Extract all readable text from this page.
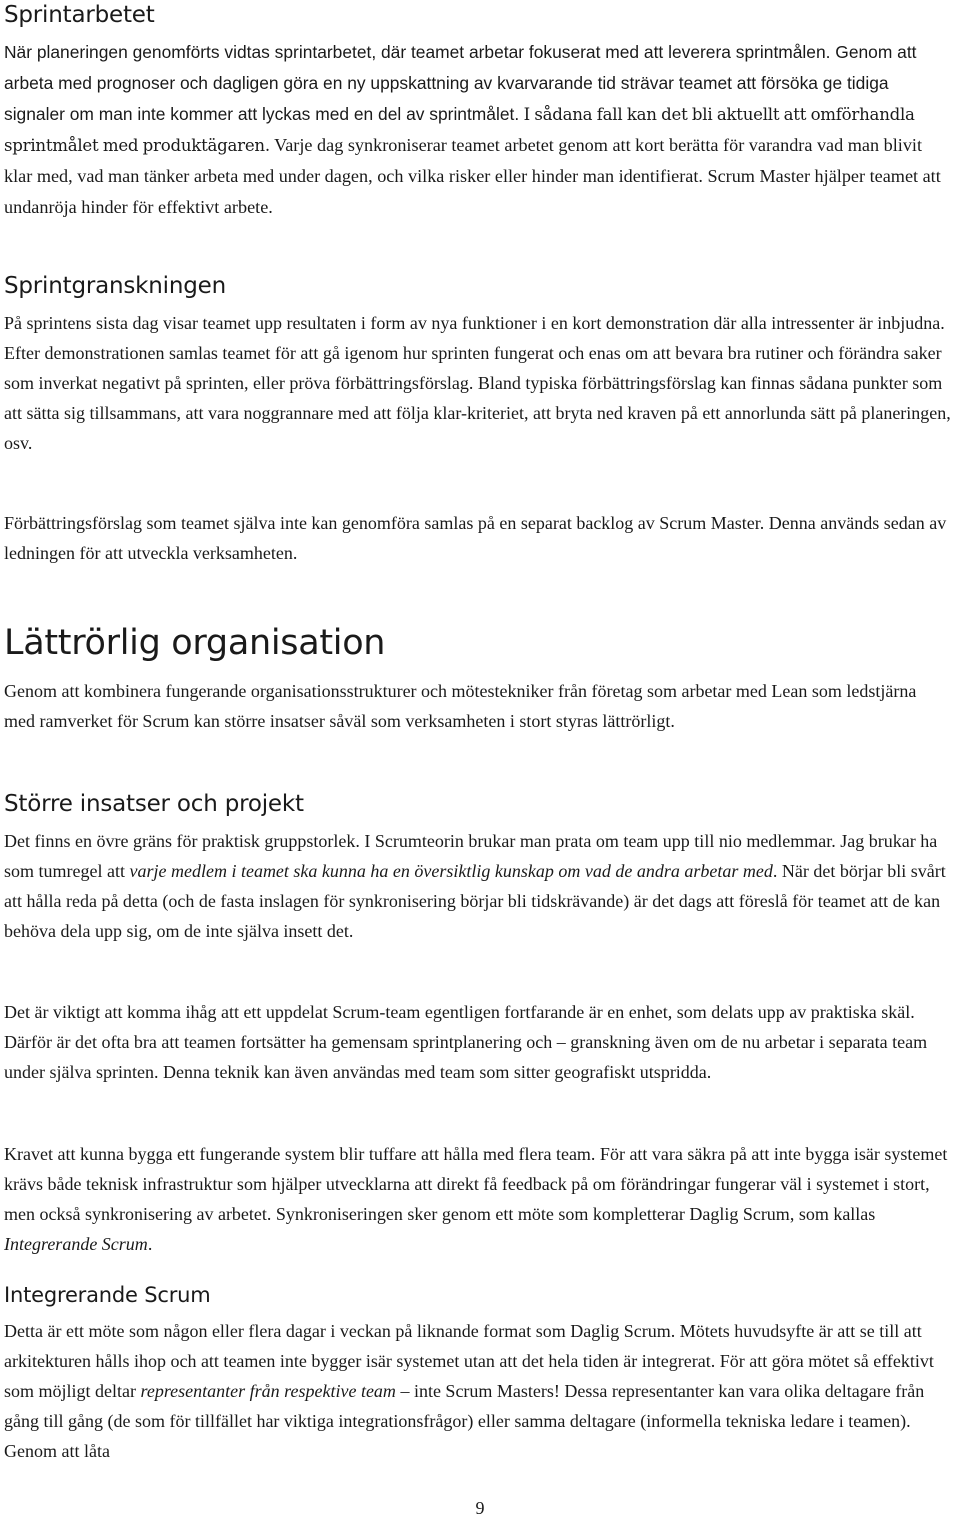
Sprintarbetet

När planeringen genomförts vidtas sprintarbetet, där teamet arbetar fokuserat med att leverera sprintmålen. Genom att arbeta med prognoser och dagligen göra en ny uppskattning av kvarvarande tid strävar teamet att försöka ge tidiga signaler om man inte kommer att lyckas med en del av sprintmålet. I sådana fall kan det bli aktuellt att omförhandla sprintmålet med produktägaren. Varje dag synkroniserar teamet arbetet genom att kort berätta för varandra vad man blivit klar med, vad man tänker arbeta med under dagen, och vilka risker eller hinder man identifierat. Scrum Master hjälper teamet att undanröja hinder för effektivt arbete.

Sprintgranskningen

På sprintens sista dag visar teamet upp resultaten i form av nya funktioner i en kort demonstration där alla intressenter är inbjudna. Efter demonstrationen samlas teamet för att gå igenom hur sprinten fungerat och enas om att bevara bra rutiner och förändra saker som inverkat negativt på sprinten, eller pröva förbättringsförslag. Bland typiska förbättringsförslag kan finnas sådana punkter som att sätta sig tillsammans, att vara noggrannare med att följa klar-kriteriet, att bryta ned kraven på ett annorlunda sätt på planeringen, osv.

Förbättringsförslag som teamet själva inte kan genomföra samlas på en separat backlog av Scrum Master. Denna används sedan av ledningen för att utveckla verksamheten.

Lättrörlig organisation

Genom att kombinera fungerande organisationsstrukturer och mötestekniker från företag som arbetar med Lean som ledstjärna med ramverket för Scrum kan större insatser såväl som verksamheten i stort styras lättrörligt.

Större insatser och projekt

Det finns en övre gräns för praktisk gruppstorlek. I Scrumteorin brukar man prata om team upp till nio medlemmar. Jag brukar ha som tumregel att varje medlem i teamet ska kunna ha en översiktlig kunskap om vad de andra arbetar med. När det börjar bli svårt att hålla reda på detta (och de fasta inslagen för synkronisering börjar bli tidskrävande) är det dags att föreslå för teamet att de kan behöva dela upp sig, om de inte själva insett det.

Det är viktigt att komma ihåg att ett uppdelat Scrum-team egentligen fortfarande är en enhet, som delats upp av praktiska skäl. Därför är det ofta bra att teamen fortsätter ha gemensam sprintplanering och – granskning även om de nu arbetar i separata team under själva sprinten. Denna teknik kan även användas med team som sitter geografiskt utspridda.

Kravet att kunna bygga ett fungerande system blir tuffare att hålla med flera team. För att vara säkra på att inte bygga isär systemet krävs både teknisk infrastruktur som hjälper utvecklarna att direkt få feedback på om förändringar fungerar väl i systemet i stort, men också synkronisering av arbetet. Synkroniseringen sker genom ett möte som kompletterar Daglig Scrum, som kallas Integrerande Scrum.

Integrerande Scrum

Detta är ett möte som någon eller flera dagar i veckan på liknande format som Daglig Scrum. Mötets huvudsyfte är att se till att arkitekturen hålls ihop och att teamen inte bygger isär systemet utan att det hela tiden är integrerat. För att göra mötet så effektivt som möjligt deltar representanter från respektive team – inte Scrum Masters! Dessa representanter kan vara olika deltagare från gång till gång (de som för tillfället har viktiga integrationsfrågor) eller samma deltagare (informella tekniska ledare i teamen). Genom att låta

9
